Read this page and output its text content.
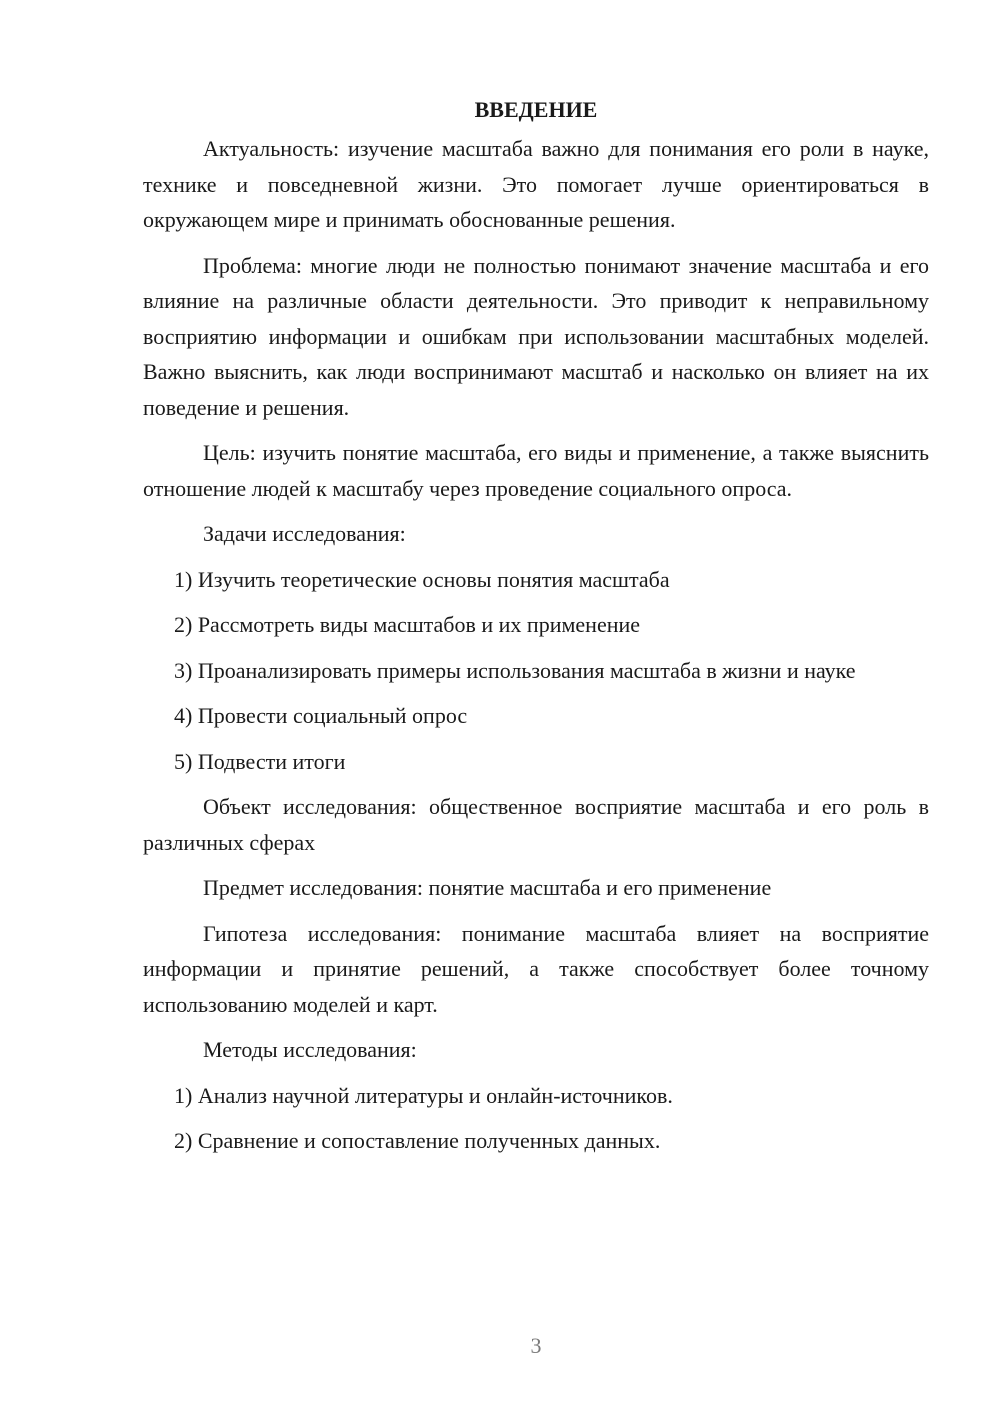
ВВЕДЕНИЕ

Актуальность: изучение масштаба важно для понимания его роли в науке, технике и повседневной жизни. Это помогает лучше ориентироваться в окружающем мире и принимать обоснованные решения.

Проблема: многие люди не полностью понимают значение масштаба и его влияние на различные области деятельности. Это приводит к неправильному восприятию информации и ошибкам при использовании масштабных моделей. Важно выяснить, как люди воспринимают масштаб и насколько он влияет на их поведение и решения.

Цель: изучить понятие масштаба, его виды и применение, а также выяснить отношение людей к масштабу через проведение социального опроса.

Задачи исследования:

1) Изучить теоретические основы понятия масштаба

2) Рассмотреть виды масштабов и их применение

3) Проанализировать примеры использования масштаба в жизни и науке

4) Провести социальный опрос

5) Подвести итоги

Объект исследования: общественное восприятие масштаба и его роль в различных сферах

Предмет исследования: понятие масштаба и его применение

Гипотеза исследования: понимание масштаба влияет на восприятие информации и принятие решений, а также способствует более точному использованию моделей и карт.

Методы исследования:

1) Анализ научной литературы и онлайн-источников.

2) Сравнение и сопоставление полученных данных.

3
